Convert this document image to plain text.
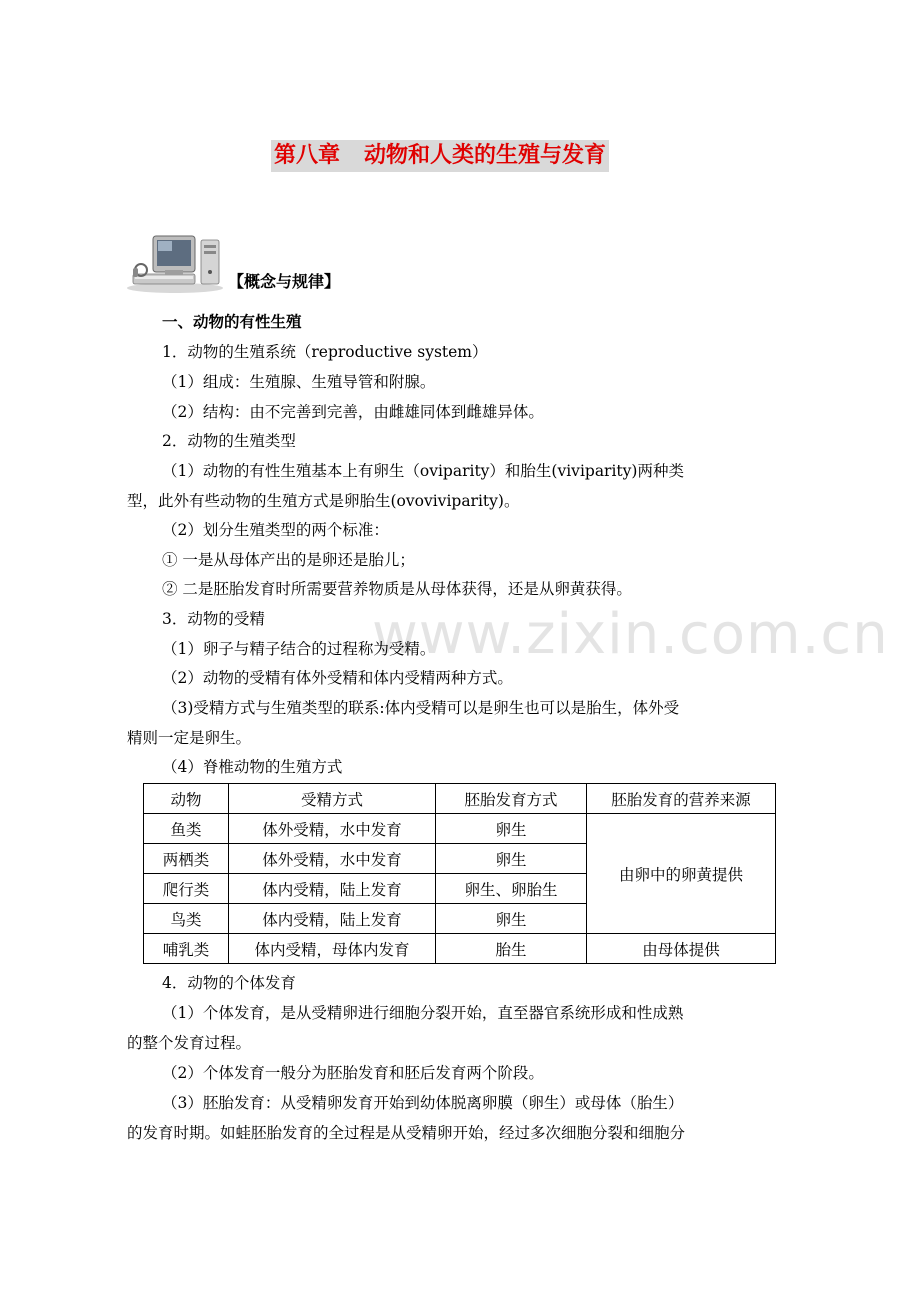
www.zixin.com.cn
第八章 动物和人类的生殖与发育
【概念与规律】
一、动物的有性生殖
1．动物的生殖系统（reproductive system）
（1）组成：生殖腺、生殖导管和附腺。
（2）结构：由不完善到完善，由雌雄同体到雌雄异体。
2．动物的生殖类型
（1）动物的有性生殖基本上有卵生（oviparity）和胎生(viviparity)两种类
型，此外有些动物的生殖方式是卵胎生(ovoviviparity)。
（2）划分生殖类型的两个标准：
① 一是从母体产出的是卵还是胎儿；
② 二是胚胎发育时所需要营养物质是从母体获得，还是从卵黄获得。
3．动物的受精
（1）卵子与精子结合的过程称为受精。
（2）动物的受精有体外受精和体内受精两种方式。
（3)受精方式与生殖类型的联系:体内受精可以是卵生也可以是胎生，体外受
精则一定是卵生。
（4）脊椎动物的生殖方式
动物	受精方式	胚胎发育方式	胚胎发育的营养来源
鱼类	体外受精，水中发育	卵生	由卵中的卵黄提供
两栖类	体外受精，水中发育	卵生	
爬行类	体内受精，陆上发育	卵生、卵胎生	
鸟类	体内受精，陆上发育	卵生	
哺乳类	体内受精，母体内发育	胎生	由母体提供
4．动物的个体发育
（1）个体发育，是从受精卵进行细胞分裂开始，直至器官系统形成和性成熟
的整个发育过程。
（2）个体发育一般分为胚胎发育和胚后发育两个阶段。
（3）胚胎发育：从受精卵发育开始到幼体脱离卵膜（卵生）或母体（胎生）
的发育时期。如蛙胚胎发育的全过程是从受精卵开始，经过多次细胞分裂和细胞分
